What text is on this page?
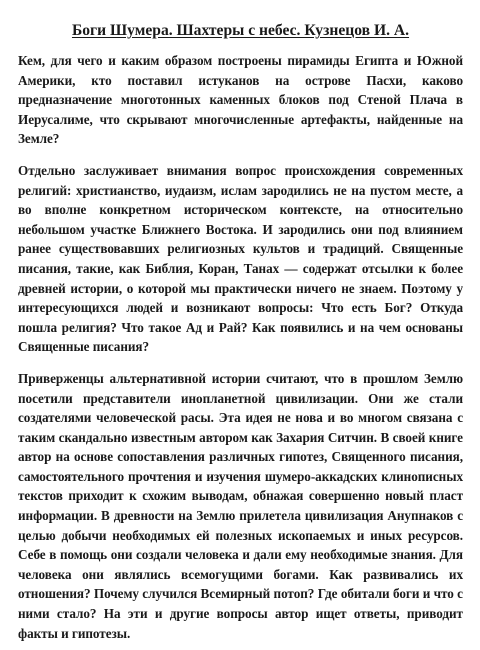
Боги Шумера. Шахтеры с небес. Кузнецов И. А.

Кем, для чего и каким образом построены пирамиды Египта и Южной Америки, кто поставил истуканов на острове Пасхи, каково предназначение многотонных каменных блоков под Стеной Плача в Иерусалиме, что скрывают многочисленные артефакты, найденные на Земле?

Отдельно заслуживает внимания вопрос происхождения современных религий: христианство, иудаизм, ислам зародились не на пустом месте, а во вполне конкретном историческом контексте, на относительно небольшом участке Ближнего Востока. И зародились они под влиянием ранее существовавших религиозных культов и традиций. Священные писания, такие, как Библия, Коран, Танах — содержат отсылки к более древней истории, о которой мы практически ничего не знаем. Поэтому у интересующихся людей и возникают вопросы: Что есть Бог? Откуда пошла религия? Что такое Ад и Рай? Как появились и на чем основаны Священные писания?

Приверженцы альтернативной истории считают, что в прошлом Землю посетили представители инопланетной цивилизации. Они же стали создателями человеческой расы. Эта идея не нова и во многом связана с таким скандально известным автором как Захария Ситчин. В своей книге автор на основе сопоставления различных гипотез, Священного писания, самостоятельного прочтения и изучения шумеро-аккадских клинописных текстов приходит к схожим выводам, обнажая совершенно новый пласт информации. В древности на Землю прилетела цивилизация Анупнаков с целью добычи необходимых ей полезных ископаемых и иных ресурсов. Себе в помощь они создали человека и дали ему необходимые знания. Для человека они являлись всемогущими богами. Как развивались их отношения? Почему случился Всемирный потоп? Где обитали боги и что с ними стало? На эти и другие вопросы автор ищет ответы, приводит факты и гипотезы.
